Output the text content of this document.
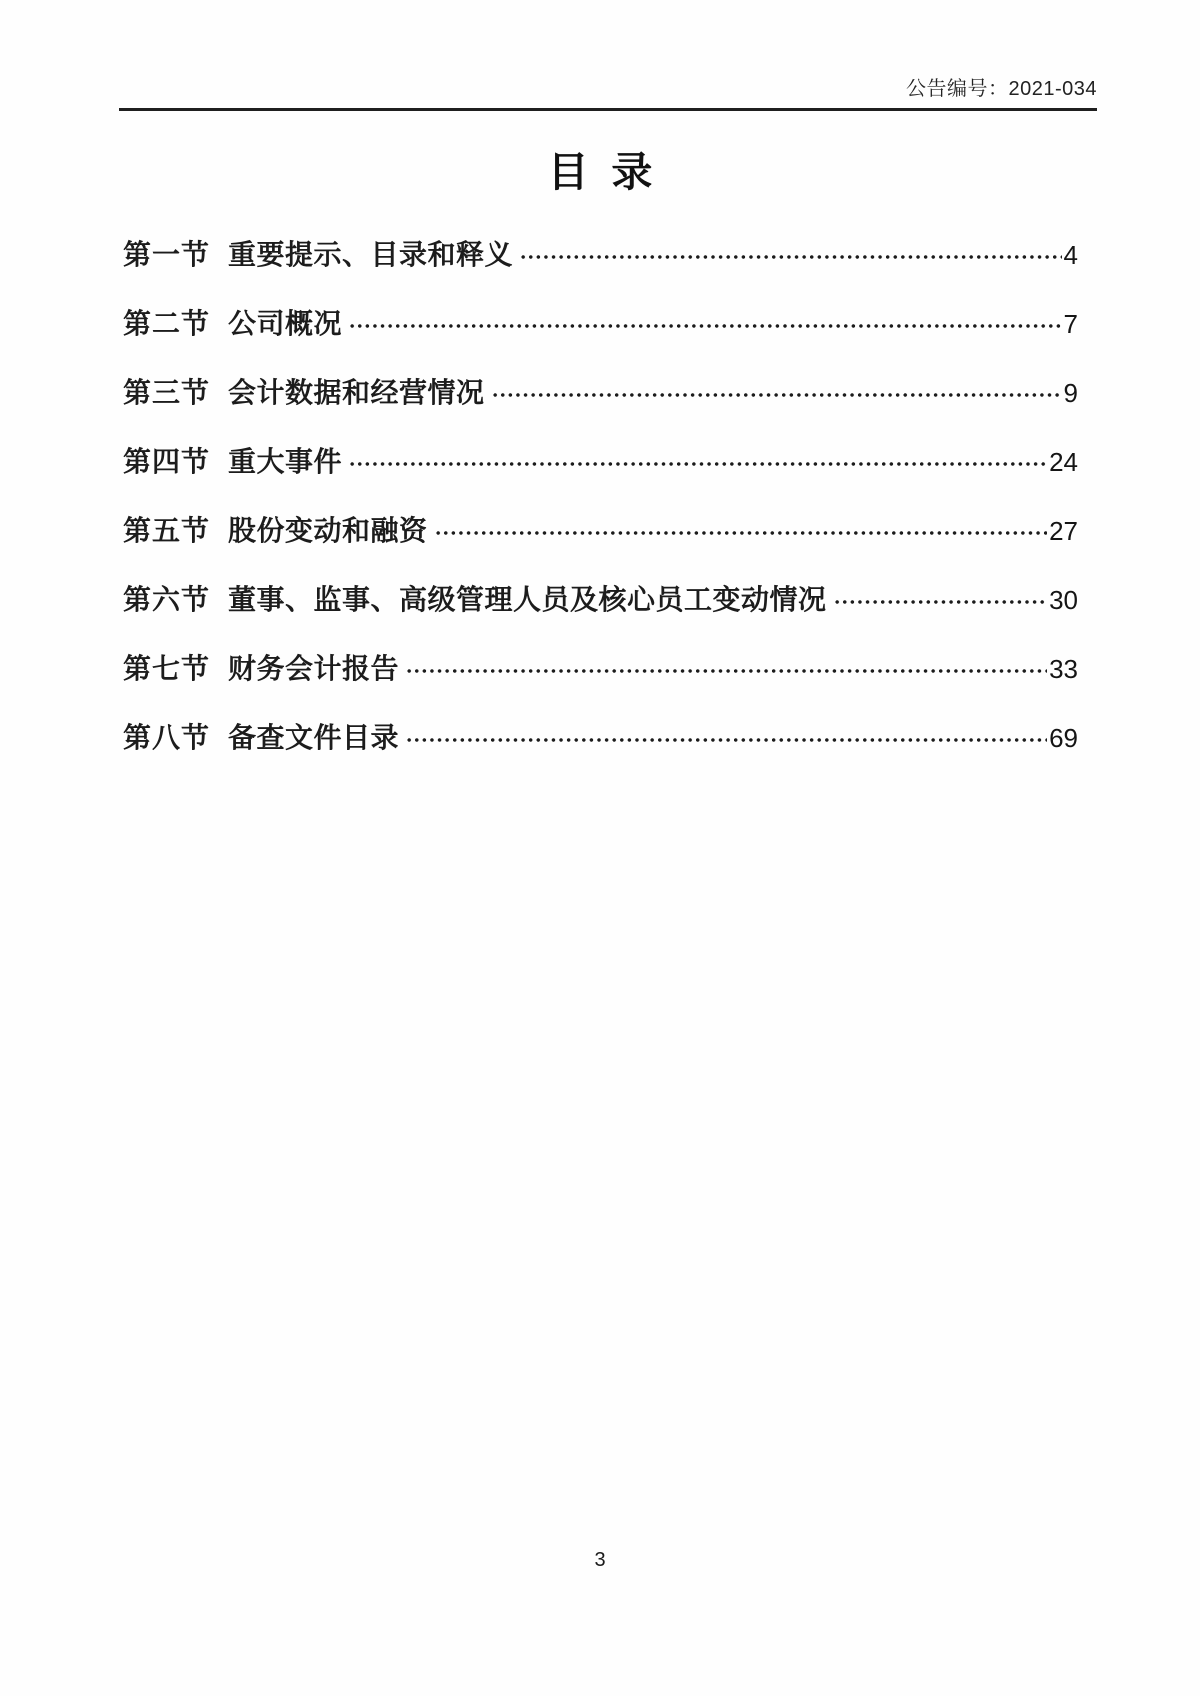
公告编号：2021-034
目  录
第一节 重要提示、目录和释义	4
第二节 公司概况	7
第三节 会计数据和经营情况	9
第四节 重大事件	24
第五节 股份变动和融资	27
第六节 董事、监事、高级管理人员及核心员工变动情况	30
第七节 财务会计报告	33
第八节 备查文件目录	69
3
